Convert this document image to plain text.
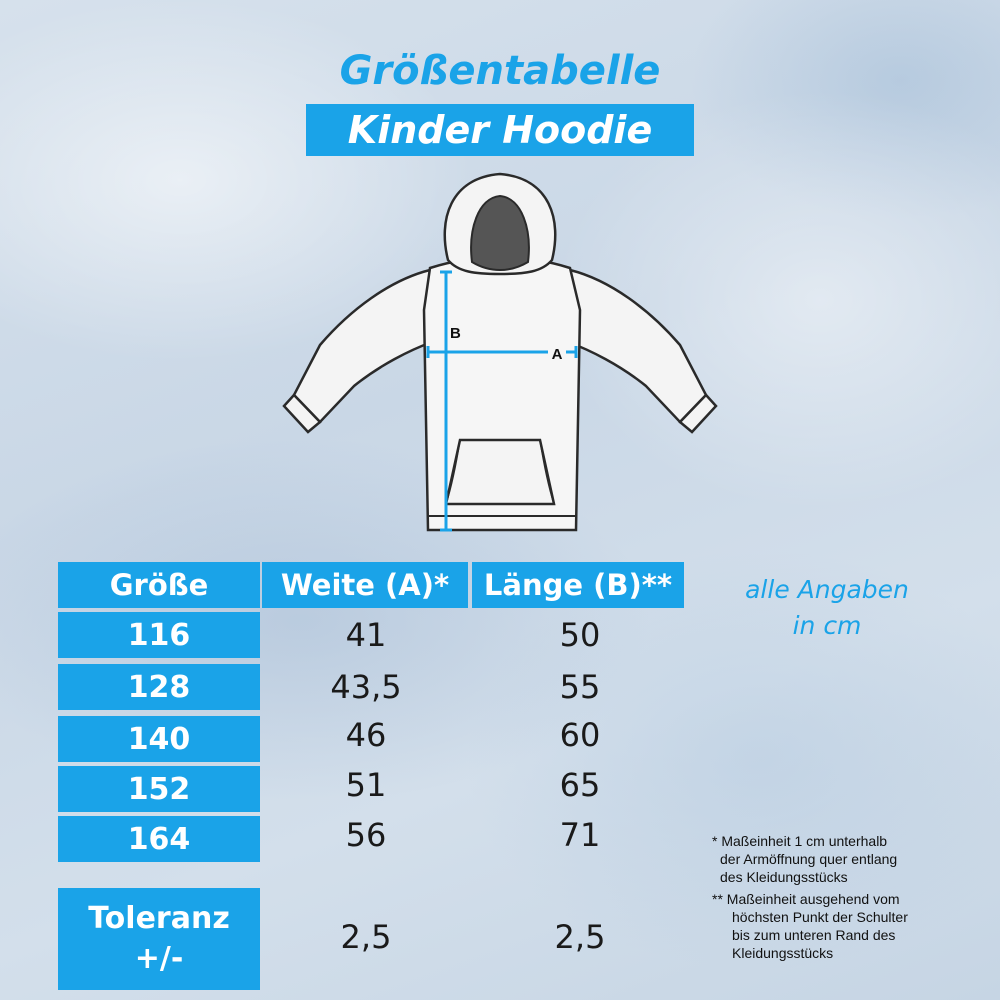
Größentabelle
Kinder Hoodie
A
B
Größe	Weite (A)*	Länge (B)**
116	41	50
128	43,5	55
140	46	60
152	51	65
164	56	71
Toleranz
+/-
2,5	2,5
alle Angaben
in cm
* Maßeinheit 1 cm unterhalb
der Armöffnung quer entlang
des Kleidungsstücks
** Maßeinheit ausgehend vom
höchsten Punkt der Schulter
bis zum unteren Rand des
Kleidungsstücks
